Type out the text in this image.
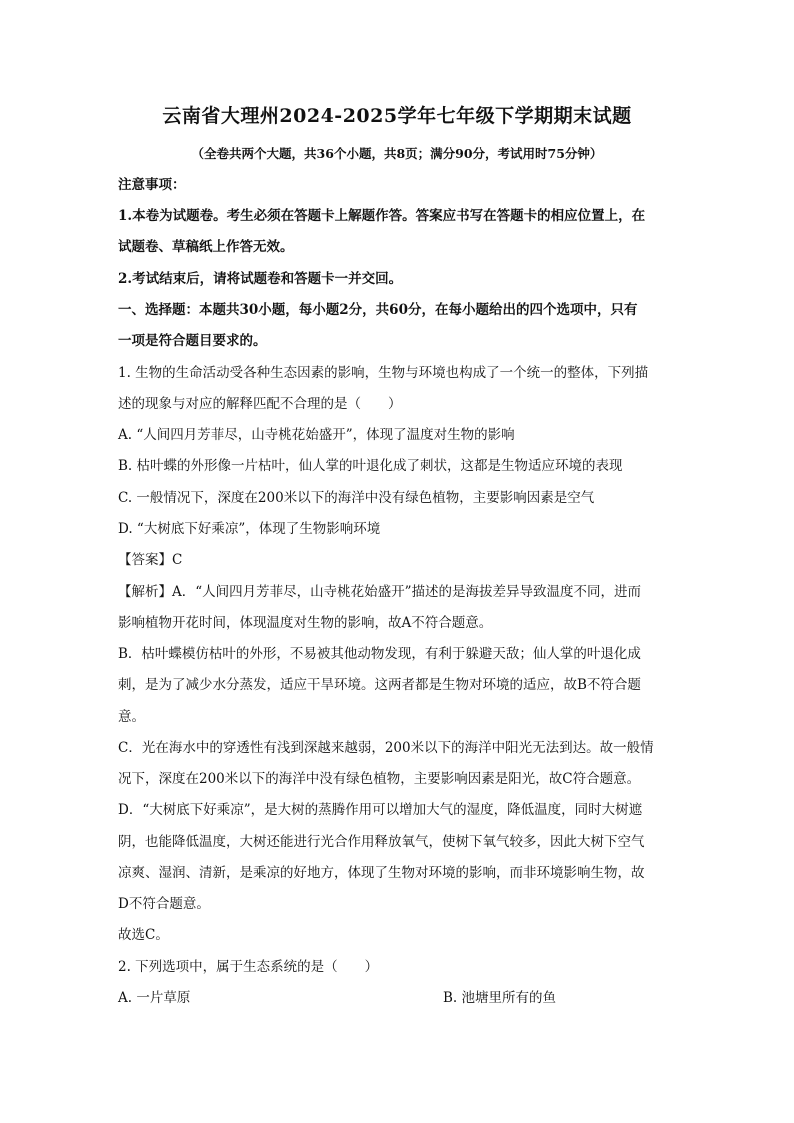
云南省大理州2024-2025学年七年级下学期期末试题
（全卷共两个大题，共36个小题，共8页；满分90分，考试用时75分钟）
注意事项：
1.本卷为试题卷。考生必须在答题卡上解题作答。答案应书写在答题卡的相应位置上，在
试题卷、草稿纸上作答无效。
2.考试结束后，请将试题卷和答题卡一并交回。
一、选择题：本题共30小题，每小题2分，共60分，在每小题给出的四个选项中，只有
一项是符合题目要求的。
1. 生物的生命活动受各种生态因素的影响，生物与环境也构成了一个统一的整体，下列描
述的现象与对应的解释匹配不合理的是（　　）
A. “人间四月芳菲尽，山寺桃花始盛开”，体现了温度对生物的影响
B. 枯叶蝶的外形像一片枯叶，仙人掌的叶退化成了刺状，这都是生物适应环境的表现
C. 一般情况下，深度在200米以下的海洋中没有绿色植物，主要影响因素是空气
D. “大树底下好乘凉”，体现了生物影响环境
【答案】C
【解析】A．“人间四月芳菲尽，山寺桃花始盛开”描述的是海拔差异导致温度不同，进而
影响植物开花时间，体现温度对生物的影响，故A不符合题意。
B．枯叶蝶模仿枯叶的外形，不易被其他动物发现，有利于躲避天敌；仙人掌的叶退化成
刺，是为了减少水分蒸发，适应干旱环境。这两者都是生物对环境的适应，故B不符合题
意。
C．光在海水中的穿透性有浅到深越来越弱，200米以下的海洋中阳光无法到达。故一般情
况下，深度在200米以下的海洋中没有绿色植物，主要影响因素是阳光，故C符合题意。
D．“大树底下好乘凉”，是大树的蒸腾作用可以增加大气的湿度，降低温度，同时大树遮
阴，也能降低温度，大树还能进行光合作用释放氧气，使树下氧气较多，因此大树下空气
凉爽、湿润、清新，是乘凉的好地方，体现了生物对环境的影响，而非环境影响生物，故
D不符合题意。
故选C。
2. 下列选项中，属于生态系统的是（　　）
A. 一片草原	B. 池塘里所有的鱼
